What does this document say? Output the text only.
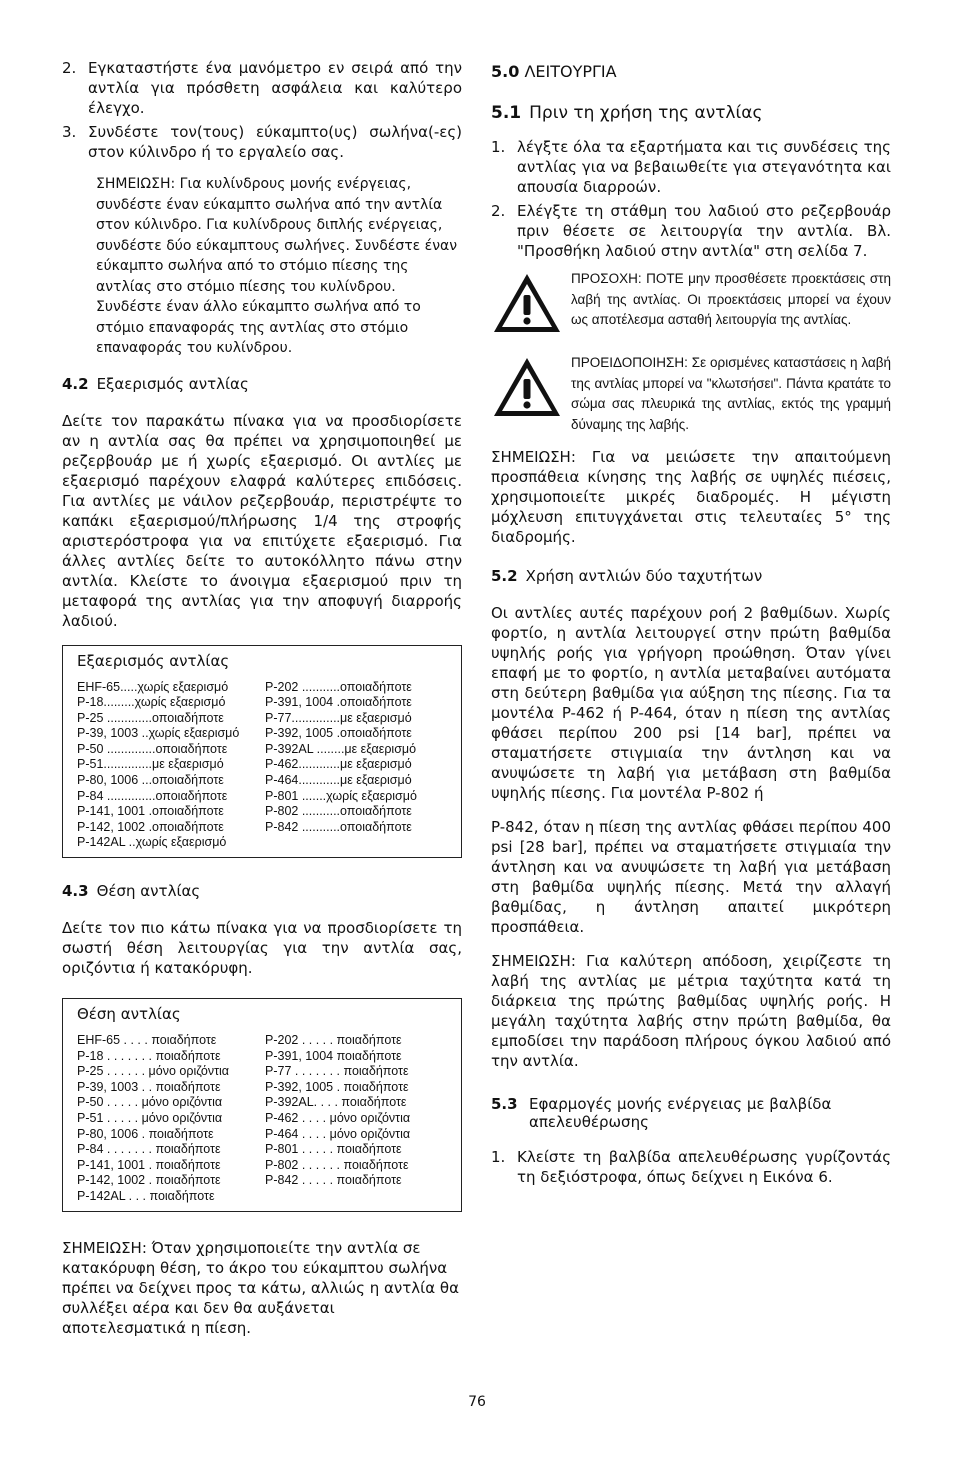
2. Εγκαταστήστε ένα μανόμετρο εν σειρά από την αντλία για πρόσθετη ασφάλεια και καλύτερο έλεγχο.
3. Συνδέστε τον(τους) εύκαμπτο(υς) σωλήνα(-ες) στον κύλινδρο ή το εργαλείο σας.
ΣΗΜΕΙΩΣΗ: Για κυλίνδρους μονής ενέργειας, συνδέστε έναν εύκαμπτο σωλήνα από την αντλία στον κύλινδρο. Για κυλίνδρους διπλής ενέργειας, συνδέστε δύο εύκαμπτους σωλήνες. Συνδέστε έναν εύκαμπτο σωλήνα από το στόμιο πίεσης της αντλίας στο στόμιο πίεσης του κυλίνδρου. Συνδέστε έναν άλλο εύκαμπτο σωλήνα από το στόμιο επαναφοράς της αντλίας στο στόμιο επαναφοράς του κυλίνδρου.
4.2 Εξαερισμός αντλίας
Δείτε τον παρακάτω πίνακα για να προσδιορίσετε αν η αντλία σας θα πρέπει να χρησιμοποιηθεί με ρεζερβουάρ με ή χωρίς εξαερισμό. Οι αντλίες με εξαερισμό παρέχουν ελαφρά καλύτερες επιδόσεις. Για αντλίες με νάιλον ρεζερβουάρ, περιστρέψτε το καπάκι εξαερισμού/πλήρωσης 1/4 της στροφής αριστερόστροφα για να επιτύχετε εξαερισμό. Για άλλες αντλίες δείτε το αυτοκόλλητο πάνω στην αντλία. Κλείστε το άνοιγμα εξαερισμού πριν τη μεταφορά της αντλίας για την αποφυγή διαρροής λαδιού.
Εξαερισμός αντλίας
EHF-65.....χωρίς εξαερισμό
P-18.........χωρίς εξαερισμό
P-25 .............οποιαδήποτε
P-39, 1003 ..χωρίς εξαερισμό
P-50 ..............οποιαδήποτε
P-51..............με εξαερισμό
P-80, 1006 ...οποιαδήποτε
P-84 ..............οποιαδήποτε
P-141, 1001 .οποιαδήποτε
P-142, 1002 .οποιαδήποτε
P-142AL ..χωρίς εξαερισμό
P-202 ...........οποιαδήποτε
P-391, 1004 .οποιαδήποτε
P-77..............με εξαερισμό
P-392, 1005 .οποιαδήποτε
P-392AL ........με εξαερισμό
P-462............με εξαερισμό
P-464............με εξαερισμό
P-801 .......χωρίς εξαερισμό
P-802 ...........οποιαδήποτε
P-842 ...........οποιαδήποτε
4.3 Θέση αντλίας
Δείτε τον πιο κάτω πίνακα για να προσδιορίσετε τη σωστή θέση λειτουργίας για την αντλία σας, οριζόντια ή κατακόρυφη.
Θέση αντλίας
EHF-65 . . . . ποιαδήποτε
P-18 . . . . . . . ποιαδήποτε
P-25 . . . . . . μόνο οριζόντια
P-39, 1003 . . ποιαδήποτε
P-50 . . . . . μόνο οριζόντια
P-51 . . . . . μόνο οριζόντια
P-80, 1006 . ποιαδήποτε
P-84 . . . . . . . ποιαδήποτε
P-141, 1001 . ποιαδήποτε
P-142, 1002 . ποιαδήποτε
P-142AL . . . ποιαδήποτε
P-202 . . . . . ποιαδήποτε
P-391, 1004 ποιαδήποτε
P-77 . . . . . . . ποιαδήποτε
P-392, 1005 . ποιαδήποτε
P-392AL. . . . ποιαδήποτε
P-462 . . . . μόνο οριζόντια
P-464 . . . . μόνο οριζόντια
P-801 . . . . . ποιαδήποτε
P-802 . . . . . . ποιαδήποτε
P-842 . . . . . ποιαδήποτε
ΣΗΜΕΙΩΣΗ: Όταν χρησιμοποιείτε την αντλία σε κατακόρυφη θέση, το άκρο του εύκαμπτου σωλήνα πρέπει να δείχνει προς τα κάτω, αλλιώς η αντλία θα συλλέξει αέρα και δεν θα αυξάνεται αποτελεσματικά η πίεση.
5.0 ΛΕΙΤΟΥΡΓΙΑ
5.1 Πριν τη χρήση της αντλίας
1. λέγξτε όλα τα εξαρτήματα και τις συνδέσεις της αντλίας για να βεβαιωθείτε για στεγανότητα και απουσία διαρροών.
2. Ελέγξτε τη στάθμη του λαδιού στο ρεζερβουάρ πριν θέσετε σε λειτουργία την αντλία. Βλ. "Προσθήκη λαδιού στην αντλία" στη σελίδα 7.
ΠΡΟΣΟΧΗ: ΠΟΤΕ μην προσθέσετε προεκτάσεις στη λαβή της αντλίας. Οι προεκτάσεις μπορεί να έχουν ως αποτέλεσμα ασταθή λειτουργία της αντλίας.
ΠΡΟΕΙΔΟΠΟΙΗΣΗ: Σε ορισμένες καταστάσεις η λαβή της αντλίας μπορεί να "κλωτσήσει". Πάντα κρατάτε το σώμα σας πλευρικά της αντλίας, εκτός της γραμμή δύναμης της λαβής.
ΣΗΜΕΙΩΣΗ: Για να μειώσετε την απαιτούμενη προσπάθεια κίνησης της λαβής σε υψηλές πιέσεις, χρησιμοποιείτε μικρές διαδρομές. Η μέγιστη μόχλευση επιτυγχάνεται στις τελευταίες 5° της διαδρομής.
5.2 Χρήση αντλιών δύο ταχυτήτων
Οι αντλίες αυτές παρέχουν ροή 2 βαθμίδων. Χωρίς φορτίο, η αντλία λειτουργεί στην πρώτη βαθμίδα υψηλής ροής για γρήγορη προώθηση. Όταν γίνει επαφή με το φορτίο, η αντλία μεταβαίνει αυτόματα στη δεύτερη βαθμίδα για αύξηση της πίεσης. Για τα μοντέλα P-462 ή P-464, όταν η πίεση της αντλίας φθάσει περίπου 200 psi [14 bar], πρέπει να σταματήσετε στιγμιαία την άντληση και να ανυψώσετε τη λαβή για μετάβαση στη βαθμίδα υψηλής πίεσης. Για μοντέλα P-802 ή
P-842, όταν η πίεση της αντλίας φθάσει περίπου 400 psi [28 bar], πρέπει να σταματήσετε στιγμιαία την άντληση και να ανυψώσετε τη λαβή για μετάβαση στη βαθμίδα υψηλής πίεσης. Μετά την αλλαγή βαθμίδας, η άντληση απαιτεί μικρότερη προσπάθεια.
ΣΗΜΕΙΩΣΗ: Για καλύτερη απόδοση, χειρίζεστε τη λαβή της αντλίας με μέτρια ταχύτητα κατά τη διάρκεια της πρώτης βαθμίδας υψηλής ροής. Η μεγάλη ταχύτητα λαβής στην πρώτη βαθμίδα, θα εμποδίσει την παράδοση πλήρους όγκου λαδιού από την αντλία.
5.3 Εφαρμογές μονής ενέργειας με βαλβίδα απελευθέρωσης
1. Κλείστε τη βαλβίδα απελευθέρωσης γυρίζοντάς τη δεξιόστροφα, όπως δείχνει η Εικόνα 6.
76
